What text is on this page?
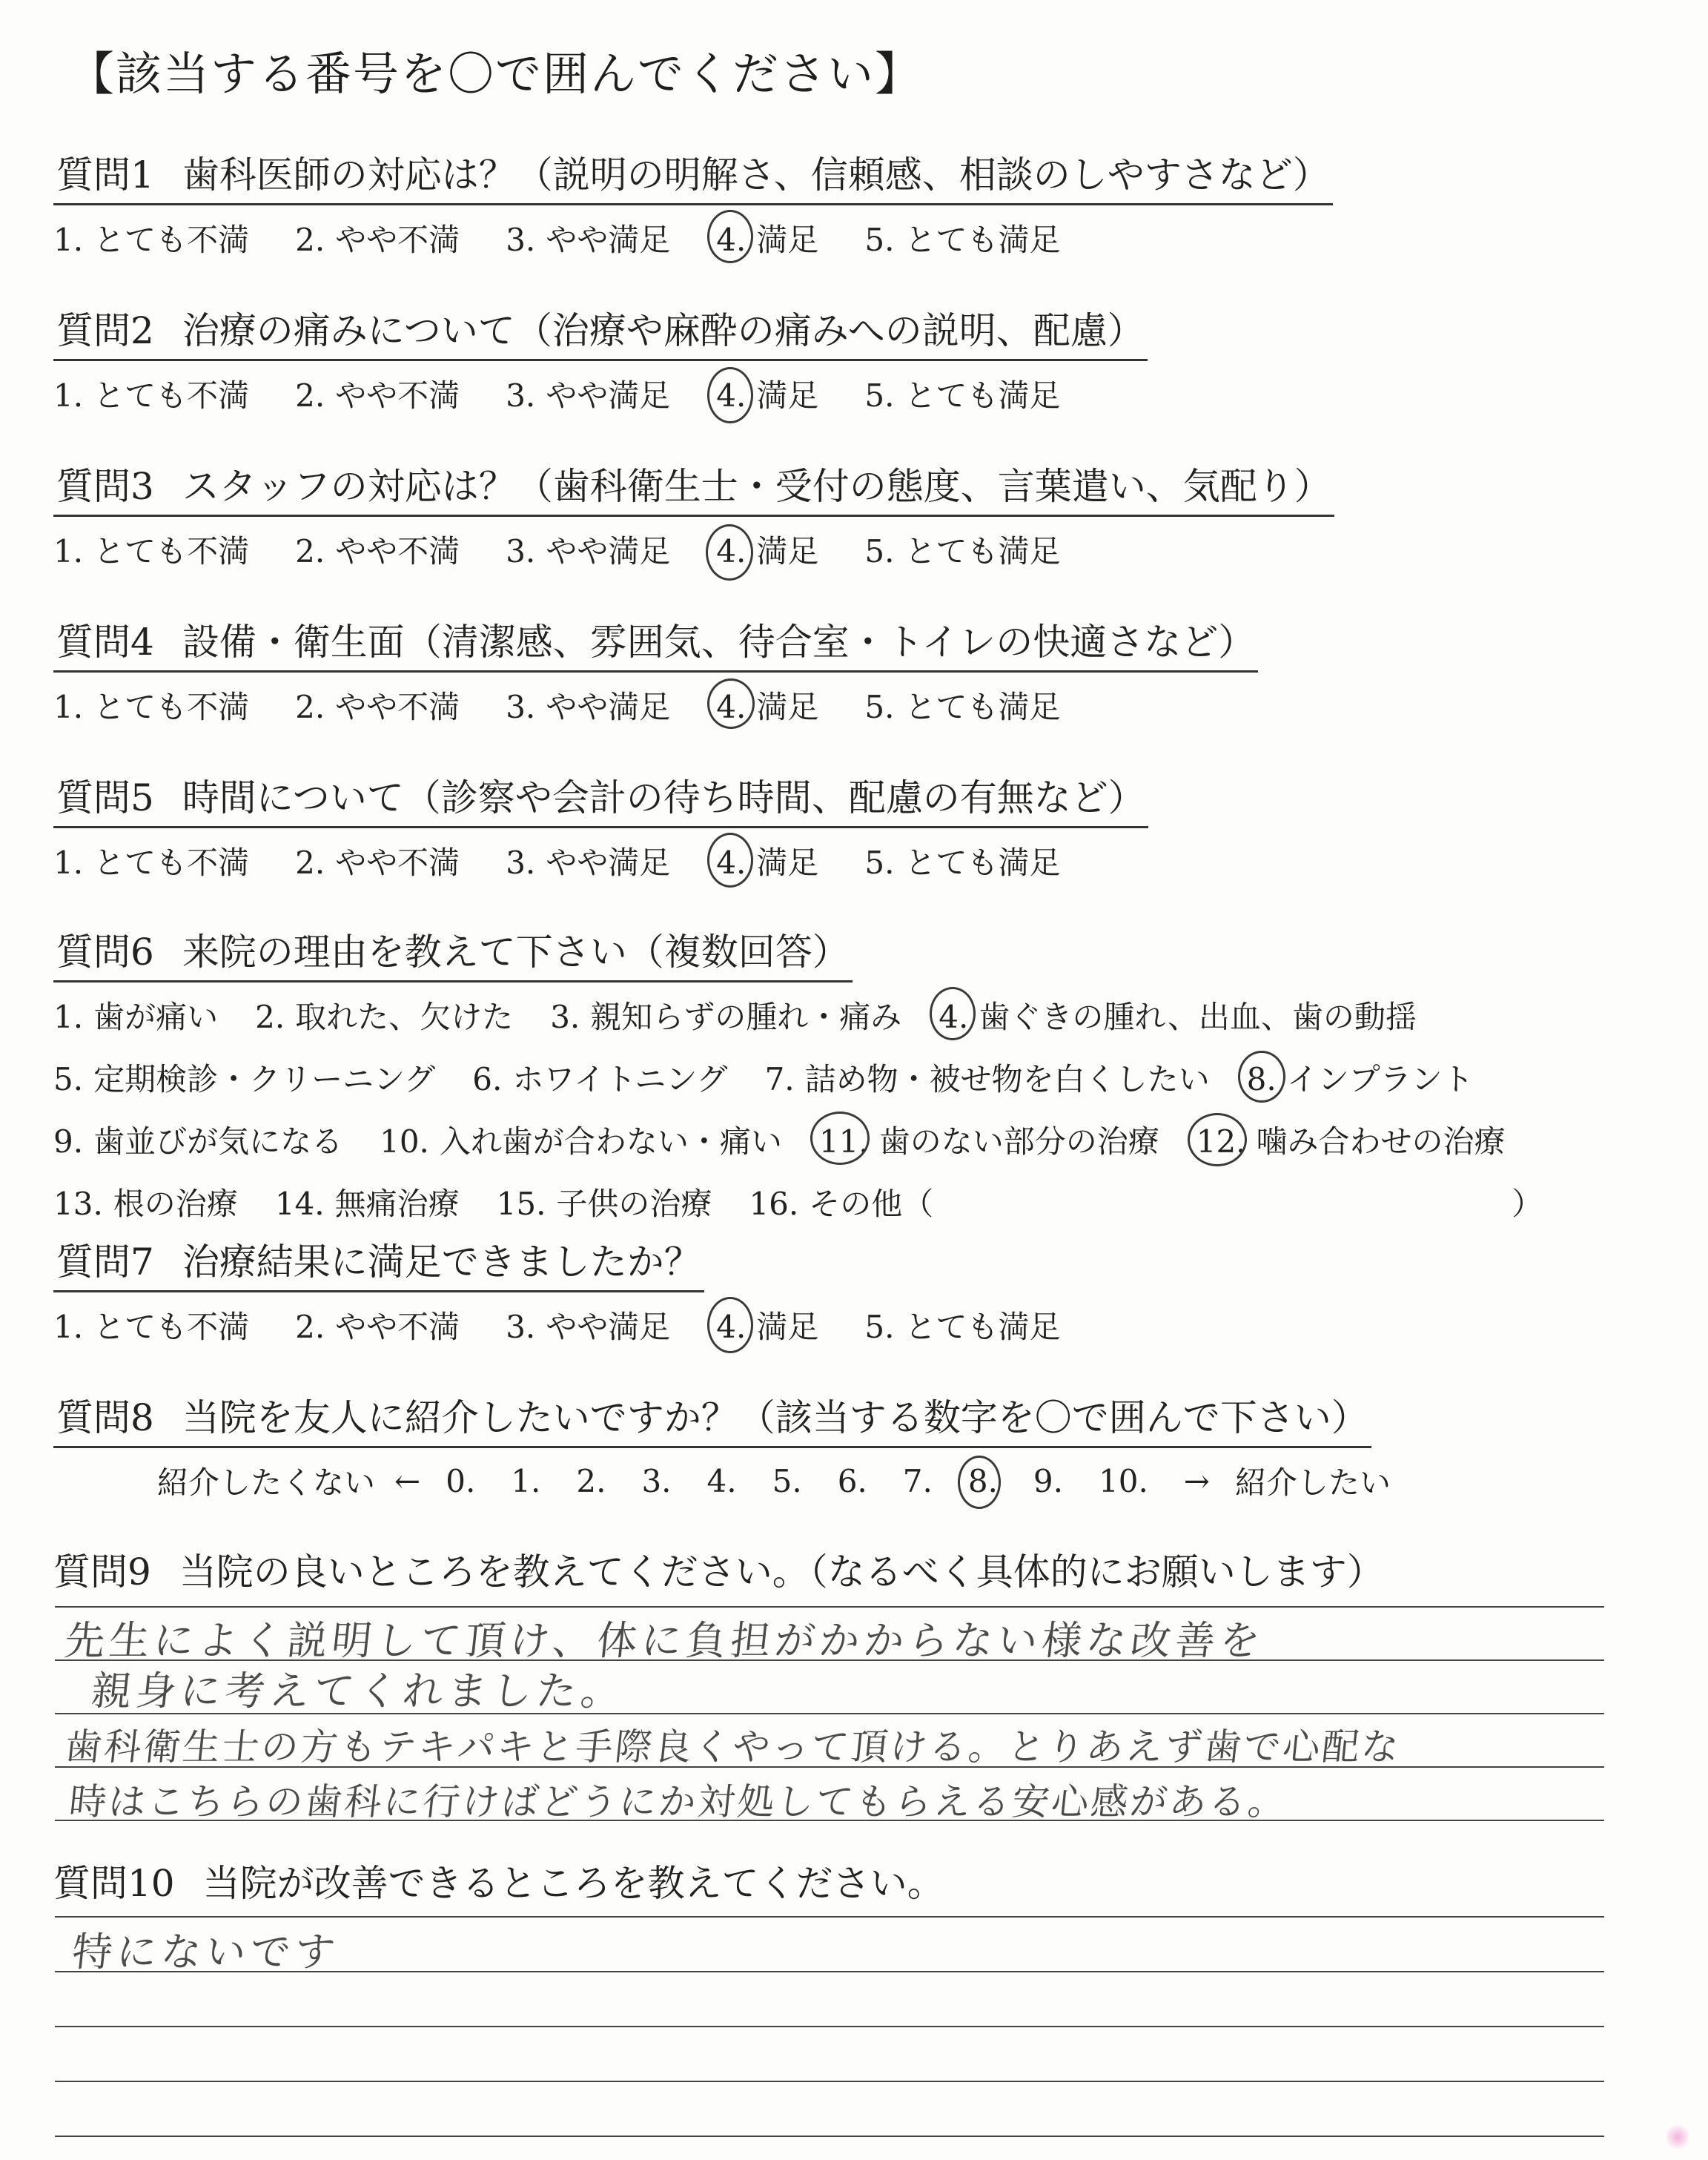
【該当する番号を〇で囲んでください】
質問1 歯科医師の対応は？（説明の明解さ、信頼感、相談のしやすさなど）
1. とても不満 2. やや不満 3. やや満足 4. 満足 5. とても満足
質問2 治療の痛みについて（治療や麻酔の痛みへの説明、配慮）
1. とても不満 2. やや不満 3. やや満足 4. 満足 5. とても満足
質問3 スタッフの対応は？（歯科衛生士・受付の態度、言葉遣い、気配り）
1. とても不満 2. やや不満 3. やや満足 4. 満足 5. とても満足
質問4 設備・衛生面（清潔感、雰囲気、待合室・トイレの快適さなど）
1. とても不満 2. やや不満 3. やや満足 4. 満足 5. とても満足
質問5 時間について（診察や会計の待ち時間、配慮の有無など）
1. とても不満 2. やや不満 3. やや満足 4. 満足 5. とても満足
質問6 来院の理由を教えて下さい（複数回答）
1. 歯が痛い 2. 取れた、欠けた 3. 親知らずの腫れ・痛み 4. 歯ぐきの腫れ、出血、歯の動揺
5. 定期検診・クリーニング 6. ホワイトニング 7. 詰め物・被せ物を白くしたい 8. インプラント
9. 歯並びが気になる 10. 入れ歯が合わない・痛い 11. 歯のない部分の治療 12. 噛み合わせの治療
13. 根の治療 14. 無痛治療 15. 子供の治療 16. その他（	）
質問7 治療結果に満足できましたか？
1. とても不満 2. やや不満 3. やや満足 4. 満足 5. とても満足
質問8 当院を友人に紹介したいですか？（該当する数字を〇で囲んで下さい）
紹介したくない ← 0. 1. 2. 3. 4. 5. 6. 7. 8. 9. 10. → 紹介したい
質問9 当院の良いところを教えてください。（なるべく具体的にお願いします）
先生によく説明して頂け、体に負担がかからない様な改善を
親身に考えてくれました。
歯科衛生士の方もテキパキと手際良くやって頂ける。とりあえず歯で心配な
時はこちらの歯科に行けばどうにか対処してもらえる安心感がある。
質問10 当院が改善できるところを教えてください。
特にないです
